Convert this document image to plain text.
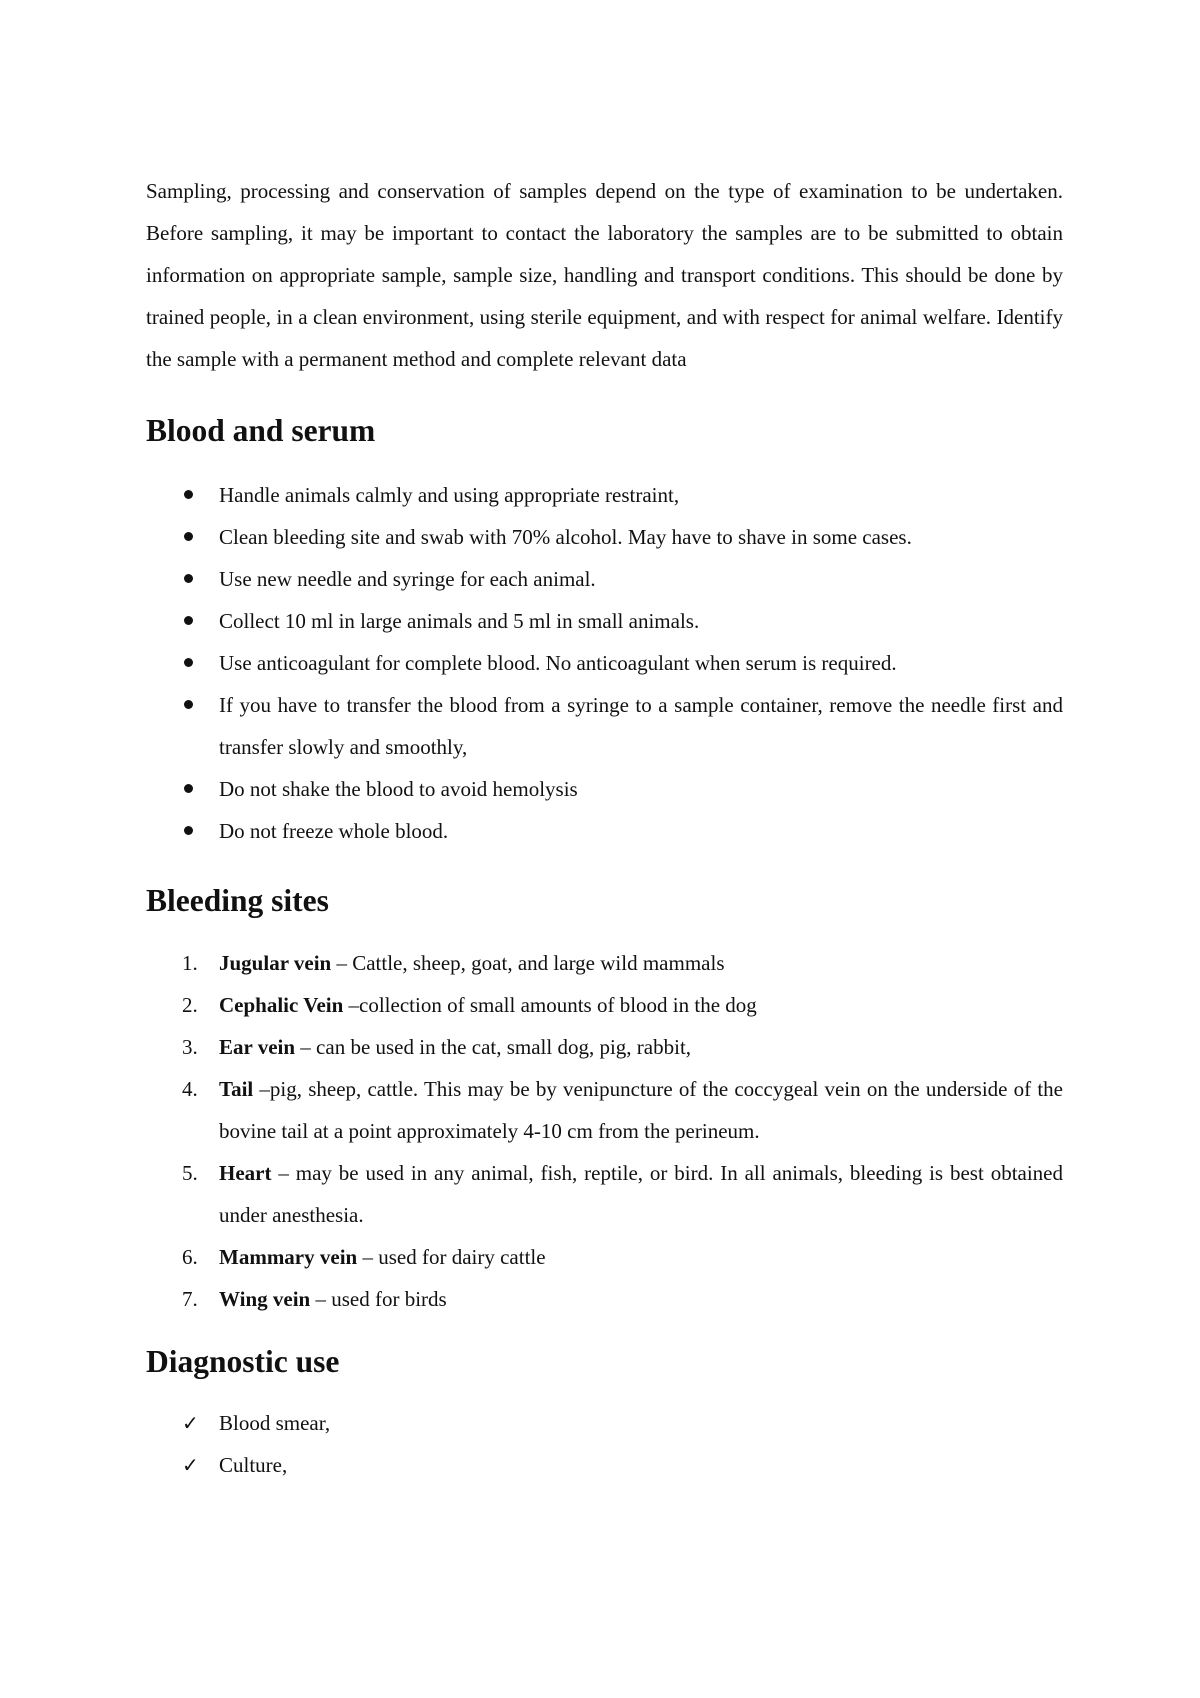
Sampling, processing and conservation of samples depend on the type of examination to be undertaken. Before sampling, it may be important to contact the laboratory the samples are to be submitted to obtain information on appropriate sample, sample size, handling and transport conditions. This should be done by trained people, in a clean environment, using sterile equipment, and with respect for animal welfare. Identify the sample with a permanent method and complete relevant data

Blood and serum
Handle animals calmly and using appropriate restraint,
Clean bleeding site and swab with 70% alcohol. May have to shave in some cases.
Use new needle and syringe for each animal.
Collect 10 ml in large animals and 5 ml in small animals.
Use anticoagulant for complete blood. No anticoagulant when serum is required.
If you have to transfer the blood from a syringe to a sample container, remove the needle first and transfer slowly and smoothly,
Do not shake the blood to avoid hemolysis
Do not freeze whole blood.
Bleeding sites
1. Jugular vein – Cattle, sheep, goat, and large wild mammals
2. Cephalic Vein –collection of small amounts of blood in the dog
3. Ear vein – can be used in the cat, small dog, pig, rabbit,
4. Tail –pig, sheep, cattle. This may be by venipuncture of the coccygeal vein on the underside of the bovine tail at a point approximately 4-10 cm from the perineum.
5. Heart – may be used in any animal, fish, reptile, or bird. In all animals, bleeding is best obtained under anesthesia.
6. Mammary vein – used for dairy cattle
7. Wing vein – used for birds
Diagnostic use
✓ Blood smear,
✓ Culture,
